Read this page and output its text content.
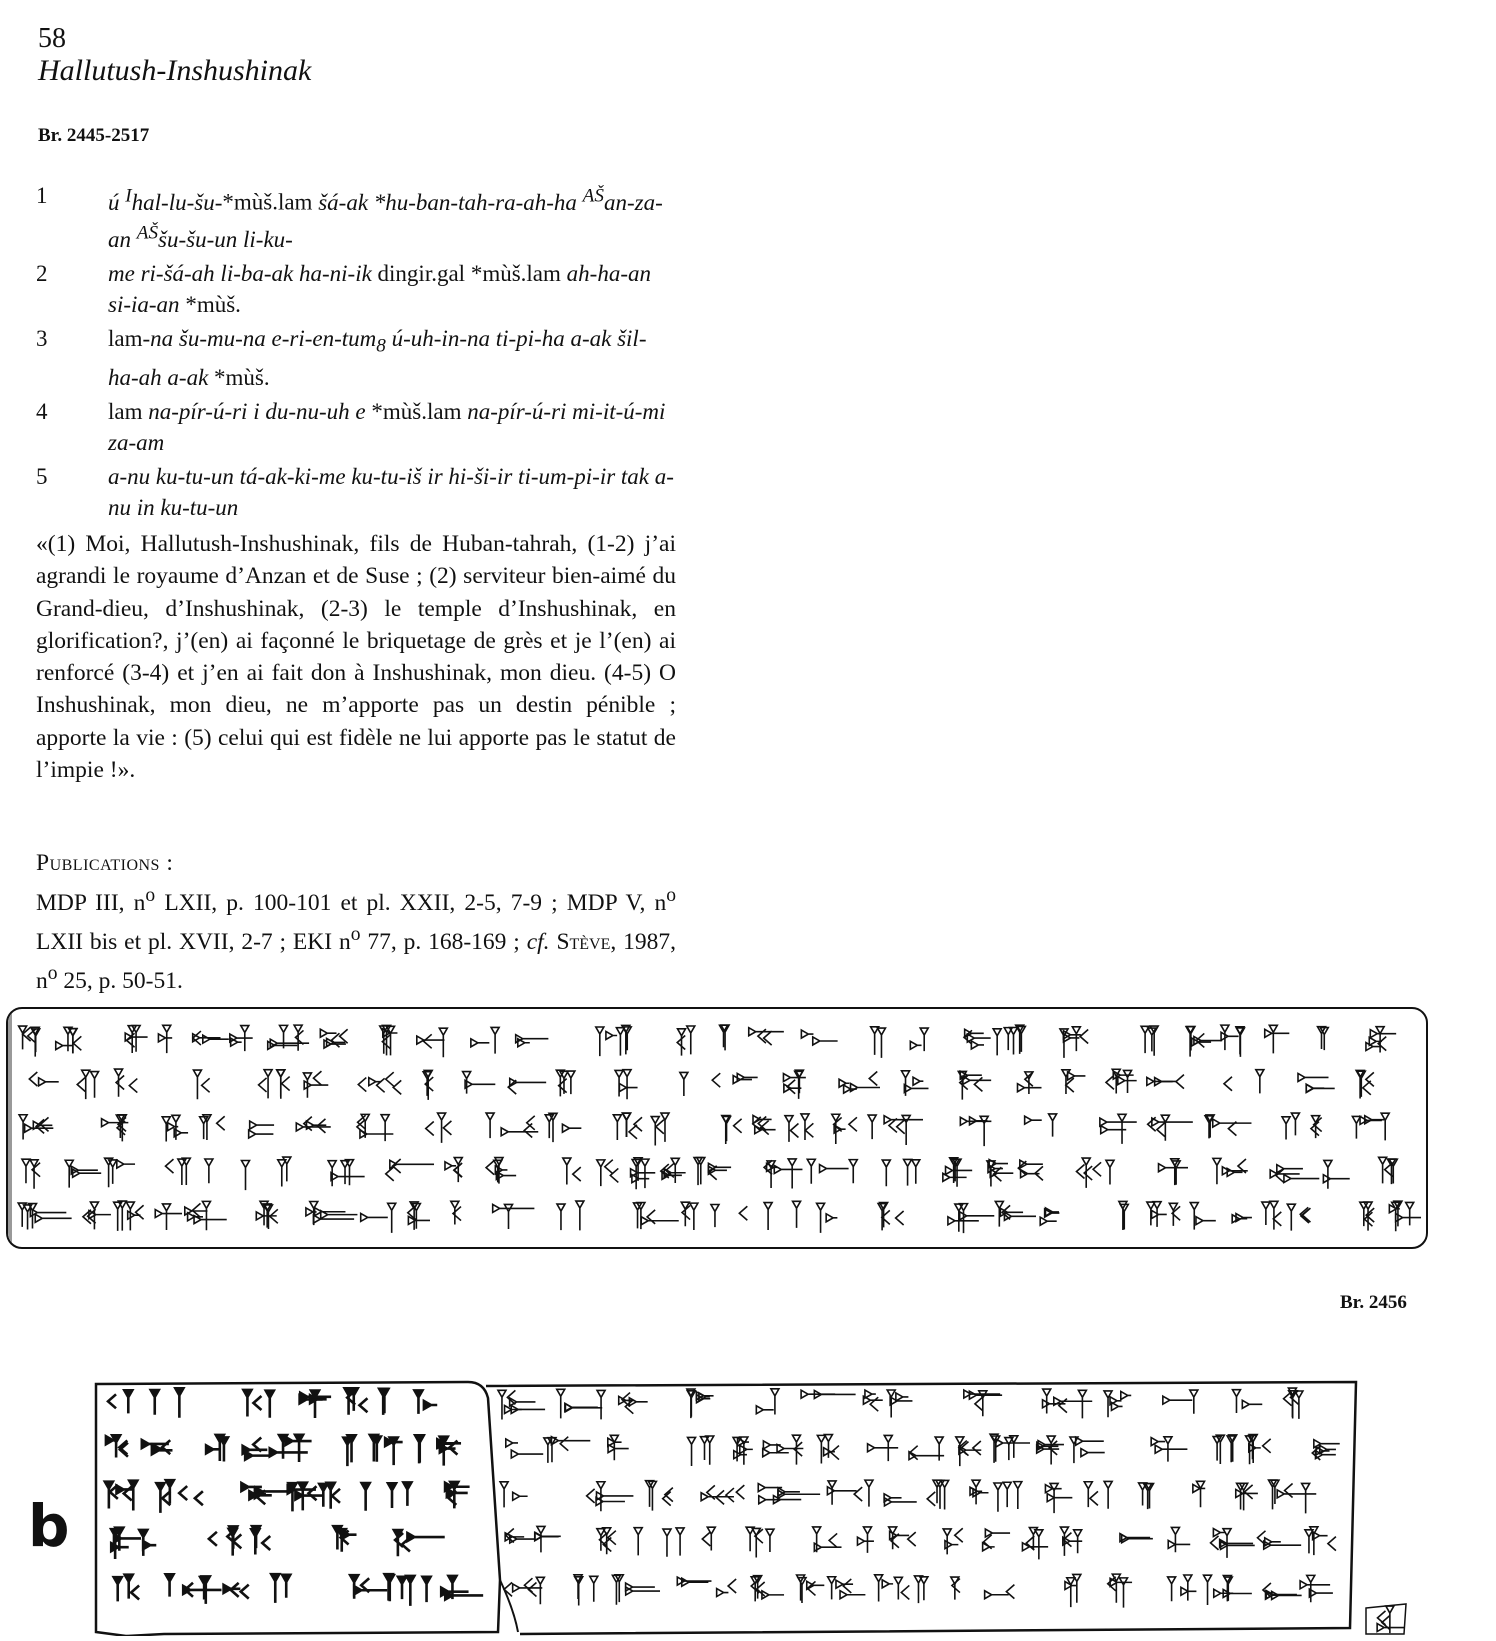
58
Hallutush-Inshushinak
Br. 2445-2517
1	ú $^I$hal-lu-šu-*mùš.lam šá-ak *hu-ban-tah-ra-ah-ha $^{AŠ}$an-za-an $^{AŠ}$šu-šu-un li-ku-
2	me ri-šá-ah li-ba-ak ha-ni-ik dingir.gal *mùš.lam ah-ha-an si-ia-an *mùš.
3	lam-na šu-mu-na e-ri-en-tum$_8$ ú-uh-in-na ti-pi-ha a-ak šil-ha-ah a-ak *mùš.
4	lam na-pír-ú-ri i du-nu-uh e *mùš.lam na-pír-ú-ri mi-it-ú-mi za-am
5	a-nu ku-tu-un tá-ak-ki-me ku-tu-iš ir hi-ši-ir ti-um-pi-ir tak a-nu in ku-tu-un

«(1) Moi, Hallutush-Inshushinak, fils de Huban-tahrah, (1-2) j’ai agrandi le royaume d’Anzan et de Suse ; (2) serviteur bien-aimé du Grand-dieu, d’Inshushinak, (2-3) le temple d’Inshushinak, en glorification?, j’(en) ai façonné le briquetage de grès et je l’(en) ai renforcé (3-4) et j’en ai fait don à Inshushinak, mon dieu. (4-5) O Inshushinak, mon dieu, ne m’apporte pas un destin pénible ; apporte la vie : (5) celui qui est fidèle ne lui apporte pas le statut de l’impie !».

Publications :
MDP III, $n^o$ LXII, p. 100-101 et pl. XXII, 2-5, 7-9 ; MDP V, $n^o$ LXII bis et pl. XVII, 2-7 ; EKI $n^o$ 77, p. 168-169 ; cf. Stève, 1987, $n^o$ 25, p. 50-51.
Br. 2456
b
